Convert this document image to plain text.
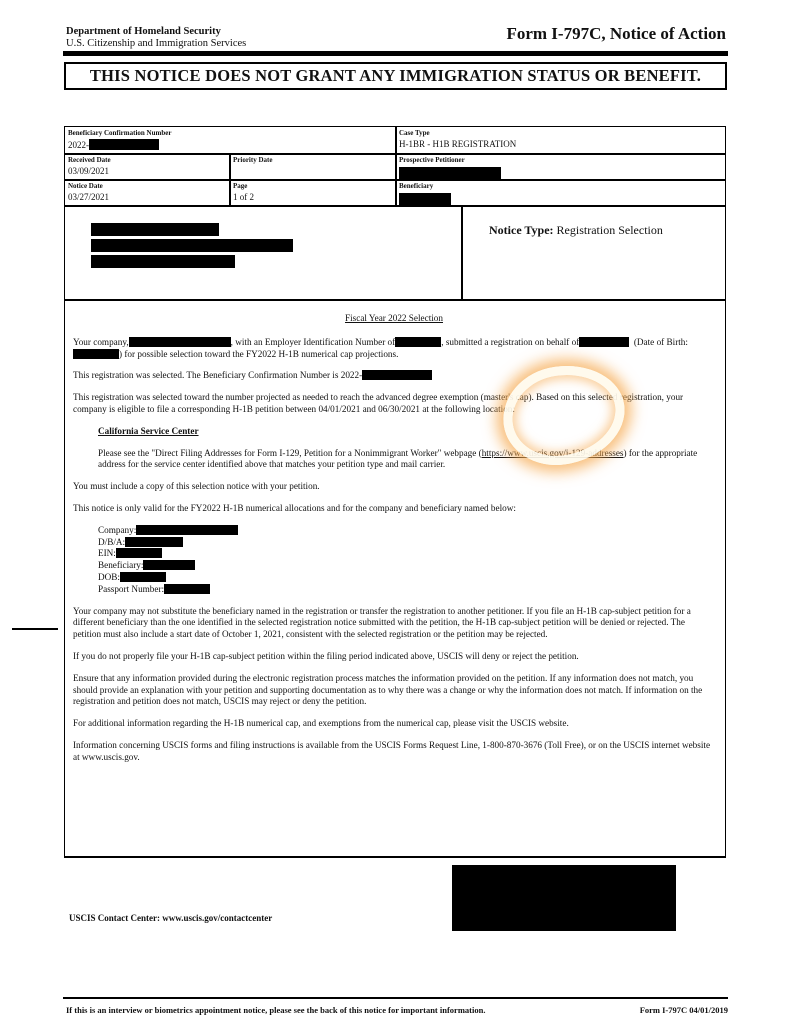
Department of Homeland Security
U.S. Citizenship and Immigration Services
Form I-797C, Notice of Action
THIS NOTICE DOES NOT GRANT ANY IMMIGRATION STATUS OR BENEFIT.
Beneficiary Confirmation Number
2022-
Case Type
H-1BR - H1B REGISTRATION
Received Date
03/09/2021
Priority Date	Prospective Petitioner
Notice Date
03/27/2021
Page
1 of 2
Beneficiary
Notice Type: Registration Selection

Fiscal Year 2022 Selection

Your company,	, with an Employer Identification Number of	, submitted a registration on behalf of	(Date of Birth:) for possible selection toward the FY2022 H-1B numerical cap projections.

This registration was selected. The Beneficiary Confirmation Number is 2022-

This registration was selected toward the number projected as needed to reach the advanced degree exemption (master's cap). Based on this selected registration, your company is eligible to file a corresponding H-1B petition between 04/01/2021 and 06/30/2021 at the following location:

California Service Center

Please see the "Direct Filing Addresses for Form I-129, Petition for a Nonimmigrant Worker" webpage (https://www.uscis.gov/i-129-addresses) for the appropriate address for the service center identified above that matches your petition type and mail carrier.

You must include a copy of this selection notice with your petition.

This notice is only valid for the FY2022 H-1B numerical allocations and for the company and beneficiary named below:

Company:
D/B/A:
EIN:
Beneficiary:
DOB:
Passport Number:

Your company may not substitute the beneficiary named in the registration or transfer the registration to another petitioner. If you file an H-1B cap-subject petition for a different beneficiary than the one identified in the selected registration notice submitted with the petition, the H-1B cap-subject petition will be denied or rejected. The petition must also include a start date of October 1, 2021, consistent with the selected registration or the petition may be rejected.

If you do not properly file your H-1B cap-subject petition within the filing period indicated above, USCIS will deny or reject the petition.

Ensure that any information provided during the electronic registration process matches the information provided on the petition. If any information does not match, you should provide an explanation with your petition and supporting documentation as to why there was a change or why the information does not match. If information on the registration and petition does not match, USCIS may reject or deny the petition.

For additional information regarding the H-1B numerical cap, and exemptions from the numerical cap, please visit the USCIS website.

Information concerning USCIS forms and filing instructions is available from the USCIS Forms Request Line, 1-800-870-3676 (Toll Free), or on the USCIS internet website at www.uscis.gov.

USCIS Contact Center: www.uscis.gov/contactcenter
If this is an interview or biometrics appointment notice, please see the back of this notice for important information.	Form I-797C 04/01/2019
